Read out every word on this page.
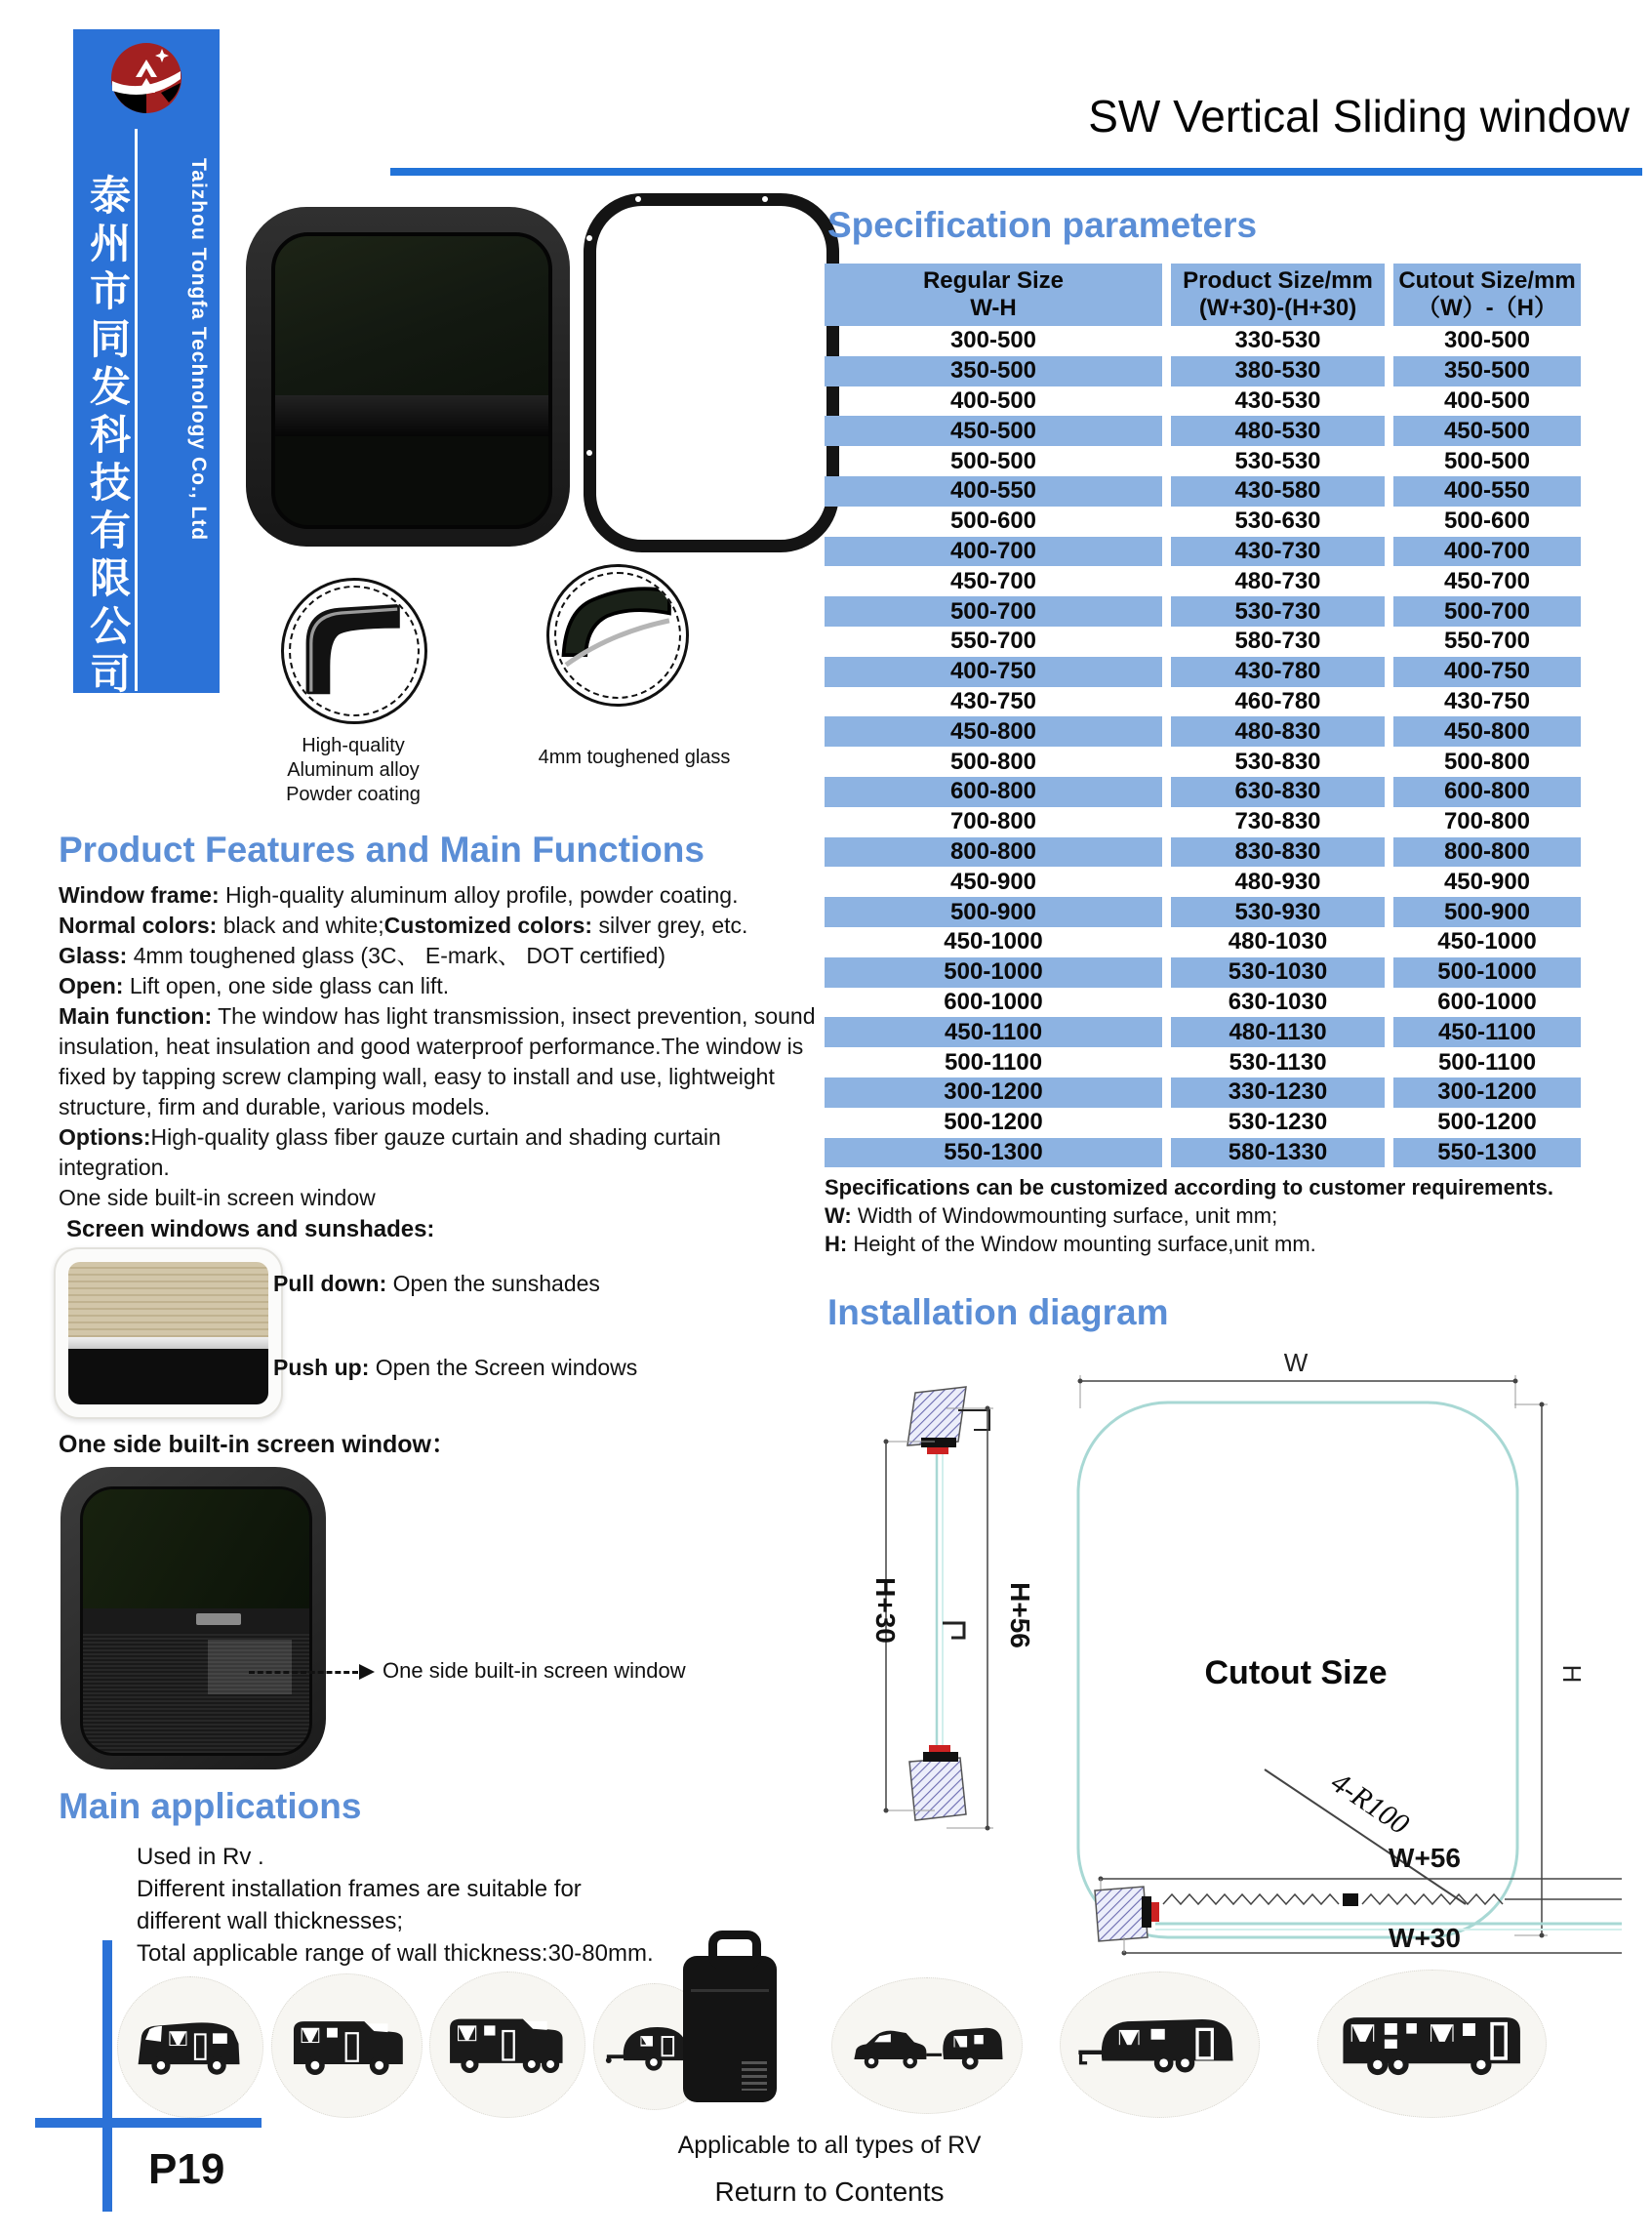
泰州市同发科技有限公司	Taizhou Tongfa Technology Co., Ltd
SW Vertical Sliding window
High-quality
Aluminum alloy
Powder coating
4mm toughened glass
Product Features and Main Functions

Window frame: High-quality aluminum alloy profile, powder coating.

Normal colors: black and white;Customized colors: silver grey, etc.

Glass: 4mm toughened glass (3C、 E-mark、 DOT certified)

Open: Lift open, one side glass can lift.

Main function: The window has light transmission, insect prevention, sound insulation, heat insulation and good waterproof performance.The window is fixed by tapping screw clamping wall, easy to install and use, lightweight structure, firm and durable, various models.

Options:High-quality glass fiber gauze curtain and shading curtain integration.

One side built-in screen window

Screen windows and sunshades:
Pull down: Open the sunshades
Push up: Open the Screen windows
One side built-in screen window：
One side built-in screen window
Specification parameters
Regular Size
W-H
Product Size/mm
(W+30)-(H+30)
Cutout Size/mm
（W）-（H）
300-500	330-530	300-500
350-500	380-530	350-500
400-500	430-530	400-500
450-500	480-530	450-500
500-500	530-530	500-500
400-550	430-580	400-550
500-600	530-630	500-600
400-700	430-730	400-700
450-700	480-730	450-700
500-700	530-730	500-700
550-700	580-730	550-700
400-750	430-780	400-750
430-750	460-780	430-750
450-800	480-830	450-800
500-800	530-830	500-800
600-800	630-830	600-800
700-800	730-830	700-800
800-800	830-830	800-800
450-900	480-930	450-900
500-900	530-930	500-900
450-1000	480-1030	450-1000
500-1000	530-1030	500-1000
600-1000	630-1030	600-1000
450-1100	480-1130	450-1100
500-1100	530-1130	500-1100
300-1200	330-1230	300-1200
500-1200	530-1230	500-1200
550-1300	580-1330	550-1300

Specifications can be customized according to customer requirements.

W: Width of Windowmounting surface, unit mm;

H: Height of the Window mounting surface,unit mm.

Installation diagram
W
H
Cutout Size
4-R100
H+30	H+56
W+56
W+30
Main applications

Used in Rv .

Different installation frames are suitable for

different wall thicknesses;

Total applicable range of wall thickness:30-80mm.

Applicable to all types of RV
P19	Return to Contents
